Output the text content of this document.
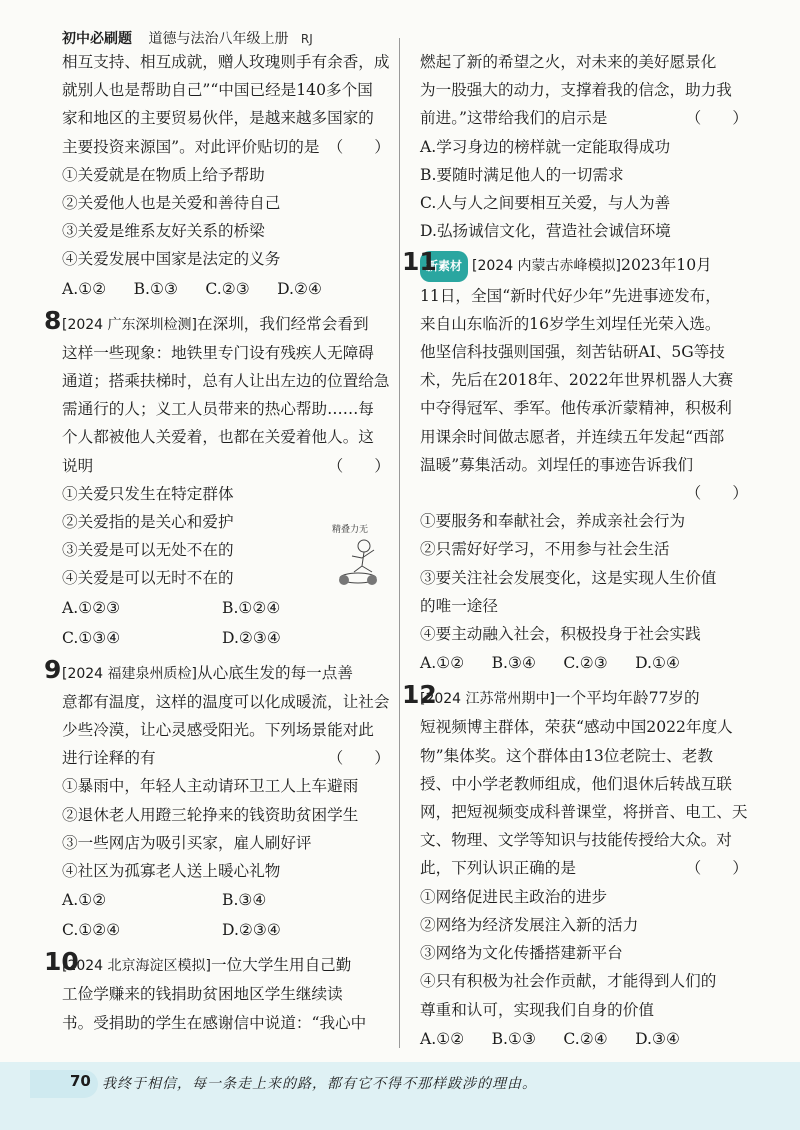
初中必刷题 道德与法治八年级上册 RJ

相互支持、相互成就，赠人玫瑰则手有余香，成

就别人也是帮助自己”“中国已经是140多个国

家和地区的主要贸易伙伴，是越来越多国家的

主要投资来源国”。对此评价贴切的是 （　　）

①关爱就是在物质上给予帮助

②关爱他人也是关爱和善待自己

③关爱是维系友好关系的桥梁

④关爱发展中国家是法定的义务

A.①② B.①③ C.②③ D.②④
8 [2024 广东深圳检测]在深圳，我们经常会看到

这样一些现象：地铁里专门设有残疾人无障碍

通道；搭乘扶梯时，总有人让出左边的位置给急

需通行的人；义工人员带来的热心帮助……每

个人都被他人关爱着，也都在关爱着他人。这

说明	（　　）

①关爱只发生在特定群体

②关爱指的是关心和爱护

③关爱是可以无处不在的

④关爱是可以无时不在的

A.①②③	B.①②④
C.①③④	D.②③④
9 [2024 福建泉州质检]从心底生发的每一点善

意都有温度，这样的温度可以化成暖流，让社会

少些冷漠，让心灵感受阳光。下列场景能对此

进行诠释的有	（　　）

①暴雨中，年轻人主动请环卫工人上车避雨

②退休老人用蹬三轮挣来的钱资助贫困学生

③一些网店为吸引买家，雇人刷好评

④社区为孤寡老人送上暖心礼物

A.①②	B.③④
C.①②④	D.②③④
10

[2024 北京海淀区模拟]一位大学生用自己勤

工俭学赚来的钱捐助贫困地区学生继续读

书。受捐助的学生在感谢信中说道：“我心中

精叠力无

燃起了新的希望之火，对未来的美好愿景化

为一股强大的动力，支撑着我的信念，助力我

前进。”这带给我们的启示是	（　　）

A.学习身边的榜样就一定能取得成功

B.要随时满足他人的一切需求

C.人与人之间要相互关爱，与人为善

D.弘扬诚信文化，营造社会诚信环境

11

新素材 [2024 内蒙古赤峰模拟]2023年10月

11日，全国“新时代好少年”先进事迹发布，

来自山东临沂的16岁学生刘埕任光荣入选。

他坚信科技强则国强，刻苦钻研AI、5G等技

术，先后在2018年、2022年世界机器人大赛

中夺得冠军、季军。他传承沂蒙精神，积极利

用课余时间做志愿者，并连续五年发起“西部

温暖”募集活动。刘埕任的事迹告诉我们

（　　）

①要服务和奉献社会，养成亲社会行为

②只需好好学习，不用参与社会生活

③要关注社会发展变化，这是实现人生价值

的唯一途径

④要主动融入社会，积极投身于社会实践

A.①② B.③④ C.②③ D.①④
12

[2024 江苏常州期中]一个平均年龄77岁的

短视频博主群体，荣获“感动中国2022年度人

物”集体奖。这个群体由13位老院士、老教

授、中小学老教师组成，他们退休后转战互联

网，把短视频变成科普课堂，将拼音、电工、天

文、物理、文学等知识与技能传授给大众。对

此，下列认识正确的是	（　　）

①网络促进民主政治的进步

②网络为经济发展注入新的活力

③网络为文化传播搭建新平台

④只有积极为社会作贡献，才能得到人们的

尊重和认可，实现我们自身的价值

A.①② B.①③ C.②④ D.③④
70 我终于相信，每一条走上来的路，都有它不得不那样跋涉的理由。
